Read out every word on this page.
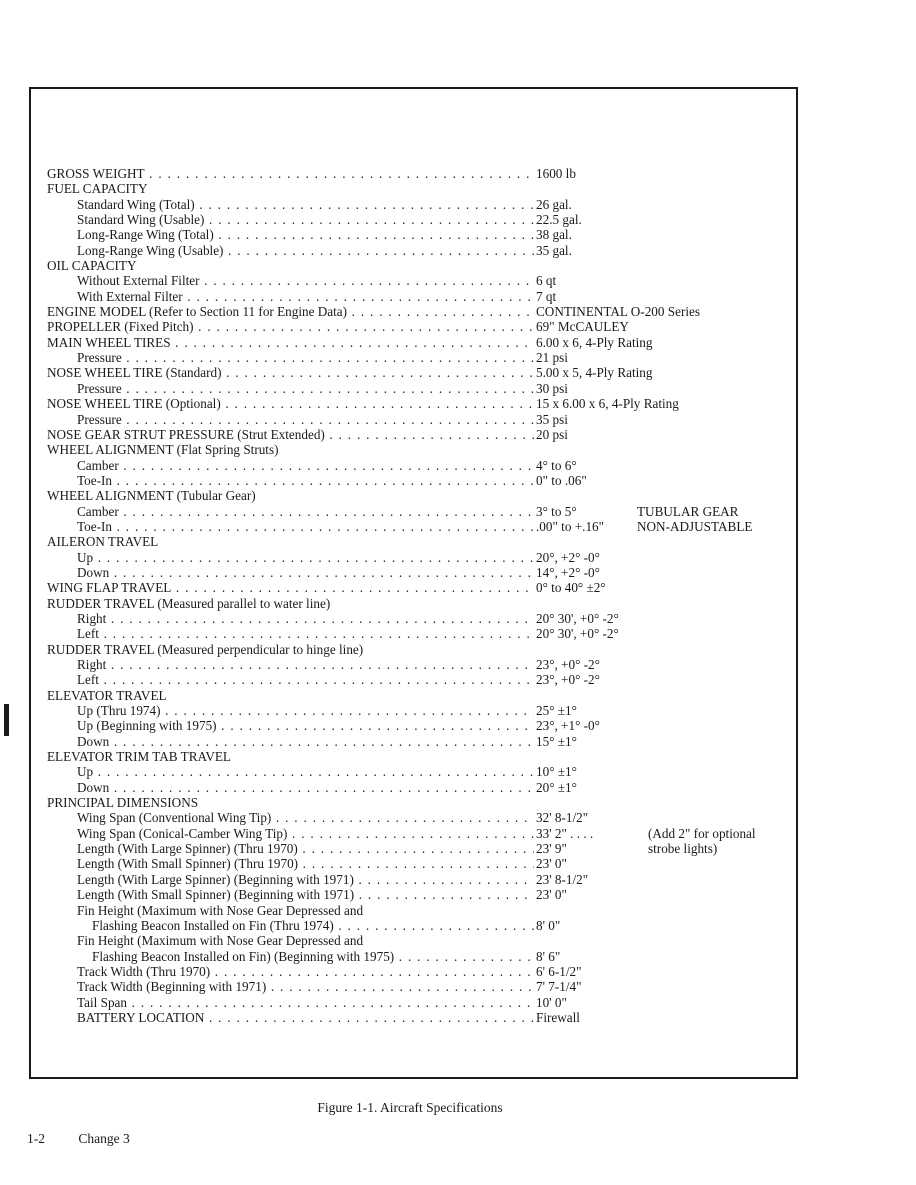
GROSS WEIGHT . . .	1600 lb
FUEL CAPACITY
Standard Wing (Total) . . .	26 gal.
Standard Wing (Usable) . . .	22.5 gal.
Long-Range Wing (Total) . . .	38 gal.
Long-Range Wing (Usable) . . .	35 gal.
OIL CAPACITY
Without External Filter . . .	6 qt
With External Filter . . .	7 qt
ENGINE MODEL (Refer to Section 11 for Engine Data) . . .	CONTINENTAL O-200 Series
PROPELLER (Fixed Pitch) . . .	69" McCAULEY
MAIN WHEEL TIRES . . .	6.00 x 6, 4-Ply Rating
Pressure . . .	21 psi
NOSE WHEEL TIRE (Standard) . . .	5.00 x 5, 4-Ply Rating
Pressure . . .	30 psi
NOSE WHEEL TIRE (Optional) . . .	15 x 6.00 x 6, 4-Ply Rating
Pressure . . .	35 psi
NOSE GEAR STRUT PRESSURE (Strut Extended) . . .	20 psi
WHEEL ALIGNMENT (Flat Spring Struts)
Camber . . .	4° to 6°
Toe-In . . .	0" to .06"
WHEEL ALIGNMENT (Tubular Gear)
Camber . . .	3° to 5°	TUBULAR GEAR
Toe-In . . .	.00" to +.16" NON-ADJUSTABLE
AILERON TRAVEL
Up . . .	20°, +2° -0°
Down . . .	14°, +2° -0°
WING FLAP TRAVEL . . .	0° to 40° ±2°
RUDDER TRAVEL (Measured parallel to water line)
Right . . .	20° 30', +0° -2°
Left . . .	20° 30', +0° -2°
RUDDER TRAVEL (Measured perpendicular to hinge line)
Right . . .	23°, +0° -2°
Left . . .	23°, +0° -2°
ELEVATOR TRAVEL
Up (Thru 1974) . . .	25° ±1°
Up (Beginning with 1975) . . .	23°, +1° -0°
Down . . .	15° ±1°
ELEVATOR TRIM TAB TRAVEL
Up . . .	10° ±1°
Down . . .	20° ±1°
PRINCIPAL DIMENSIONS
Wing Span (Conventional Wing Tip) . . .	32' 8-1/2"
Wing Span (Conical-Camber Wing Tip) . . .	33' 2" . . . .	(Add 2" for optional
Length (With Large Spinner) (Thru 1970) . . .	23' 9"	strobe lights)
Length (With Small Spinner) (Thru 1970) . . .	23' 0"
Length (With Large Spinner) (Beginning with 1971) . . .	23' 8-1/2"
Length (With Small Spinner) (Beginning with 1971) . . .	23' 0"
Fin Height (Maximum with Nose Gear Depressed and
Flashing Beacon Installed on Fin (Thru 1974) . . .	8' 0"
Fin Height (Maximum with Nose Gear Depressed and
Flashing Beacon Installed on Fin) (Beginning with 1975) . . .	8' 6"
Track Width (Thru 1970) . . .	6' 6-1/2"
Track Width (Beginning with 1971) . . .	7' 7-1/4"
Tail Span . . .	10' 0"
BATTERY LOCATION . . .	Firewall
Figure 1-1. Aircraft Specifications
1-2 Change 3
